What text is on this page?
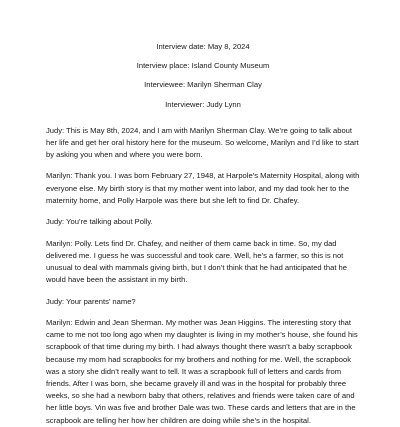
Interview date: May 8, 2024

Interview place: Island County Museum

Interviewee: Marilyn Sherman Clay

Interviewer: Judy Lynn

Judy: This is May 8th, 2024, and I am with Marilyn Sherman Clay. We’re going to talk about her life and get her oral history here for the museum. So welcome, Marilyn and I’d like to start by asking you when and where you were born.

Marilyn: Thank you. I was born February 27, 1948, at Harpole’s Maternity Hospital, along with everyone else. My birth story is that my mother went into labor, and my dad took her to the maternity home, and Polly Harpole was there but she left to find Dr. Chafey.

Judy: You’re talking about Polly.

Marilyn: Polly. Lets find Dr. Chafey, and neither of them came back in time. So, my dad delivered me. I guess he was successful and took care. Well, he’s a farmer, so this is not unusual to deal with mammals giving birth, but I don’t think that he had anticipated that he would have been the assistant in my birth.

Judy: Your parents’ name?

Marilyn: Edwin and Jean Sherman. My mother was Jean Higgins. The interesting story that came to me not too long ago when my daughter is living in my mother’s house, she found his scrapbook of that time during my birth. I had always thought there wasn’t a baby scrapbook because my mom had scrapbooks for my brothers and nothing for me. Well, the scrapbook was a story she didn’t really want to tell. It was a scrapbook full of letters and cards from friends. After I was born, she became gravely ill and was in the hospital for probably three weeks, so she had a newborn baby that others, relatives and friends were taken care of and her little boys. Vin was five and brother Dale was two. These cards and letters that are in the scrapbook are telling her how her children are doing while she’s in the hospital.
